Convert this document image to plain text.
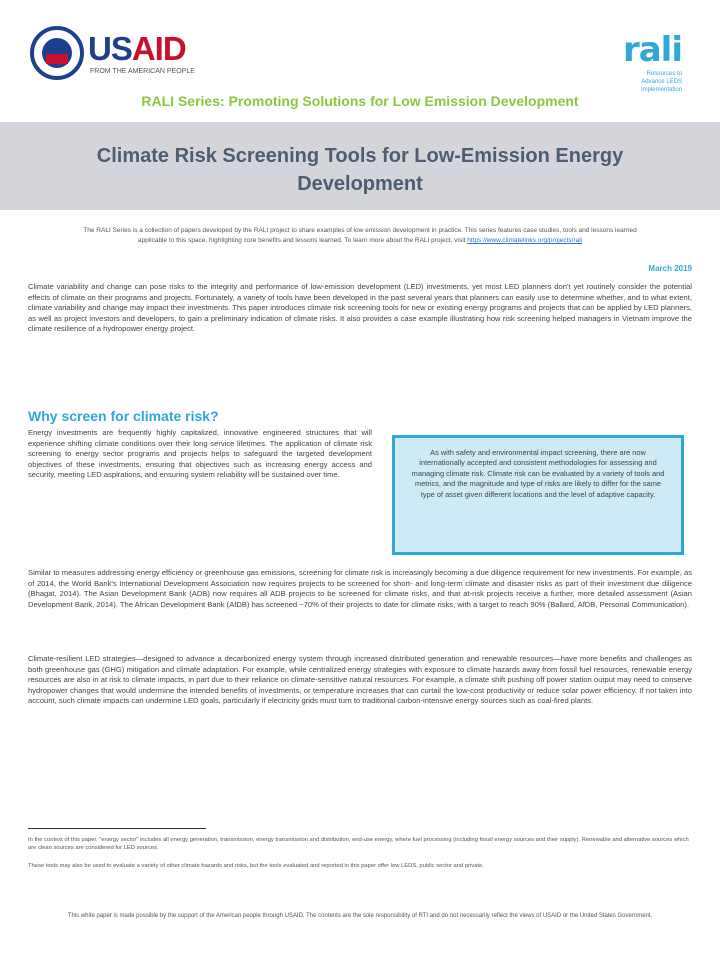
USAID
FROM THE AMERICAN PEOPLE
rali
Resources to Advance LEDS Implementation
RALI Series: Promoting Solutions for Low Emission Development
Climate Risk Screening Tools for Low-Emission Energy Development
The RALI Series is a collection of papers developed by the RALI project to share examples of low emission development in practice. This series features case studies, tools and lessons learned applicable to this space, highlighting core benefits and lessons learned. To learn more about the RALI project, visit https://www.climatelinks.org/projects/rali
March 2019
Climate variability and change can pose risks to the integrity and performance of low-emission development (LED) investments, yet most LED planners don't yet routinely consider the potential effects of climate on their programs and projects. Fortunately, a variety of tools have been developed in the past several years that planners can easily use to determine whether, and to what extent, climate variability and change may impact their investments. This paper introduces climate risk screening tools for new or existing energy programs and projects that can be applied by LED planners, as well as project investors and developers, to gain a preliminary indication of climate risks. It also provides a case example illustrating how risk screening helped managers in Vietnam improve the climate resilience of a hydropower energy project.
Why screen for climate risk?
Energy investments are frequently highly capitalized, innovative engineered structures that will experience shifting climate conditions over their long service lifetimes. The application of climate risk screening to energy sector programs and projects helps to safeguard the targeted development objectives of these investments, ensuring that objectives such as increasing energy access and security, meeting LED aspirations, and ensuring system reliability will be sustained over time.
As with safety and environmental impact screening, there are now internationally accepted and consistent methodologies for assessing and managing climate risk. Climate risk can be evaluated by a variety of tools and metrics, and the magnitude and type of risks are likely to differ for the same type of asset given different locations and the level of adaptive capacity.
Similar to measures addressing energy efficiency or greenhouse gas emissions, screening for climate risk is increasingly becoming a due diligence requirement for new investments. For example, as of 2014, the World Bank's International Development Association now requires projects to be screened for short- and long-term climate and disaster risks as part of their investment due diligence (Bhagat, 2014). The Asian Development Bank (ADB) now requires all ADB projects to be screened for climate risks, and that at-risk projects receive a further, more detailed assessment (Asian Development Bank, 2014). The African Development Bank (AfDB) has screened ~70% of their projects to date for climate risks, with a target to reach 90% (Ballard, AfDB, Personal Communication).
Climate-resilient LED strategies—designed to advance a decarbonized energy system through increased distributed generation and renewable resources—have more benefits and challenges as both greenhouse gas (GHG) mitigation and climate adaptation. For example, while centralized energy strategies with exposure to climate hazards away from fossil fuel resources, renewable energy resources are also in at risk to climate impacts, in part due to their reliance on climate-sensitive natural resources. For example, a climate shift pushing off power station output may need to conserve hydropower changes that would undermine the intended benefits of investments, or temperature increases that can curtail the low-cost productivity or reduce solar power efficiency. If not taken into account, such climate impacts can undermine LED goals, particularly if electricity grids must turn to traditional carbon-intensive energy sources such as coal-fired plants.
In the context of this paper, "energy sector" includes all energy generation, transmission, energy transmission and distribution, end-use energy, where fuel processing (including fossil energy sources and their supply). Renewable and alternative sources which are clean sources are considered for LED sources.
These tools may also be used to evaluate a variety of other climate hazards and risks, but the tools evaluated and reported in this paper offer low LEDS, public sector and private.
This white paper is made possible by the support of the American people through USAID. The contents are the sole responsibility of RTI and do not necessarily reflect the views of USAID or the United States Government.
